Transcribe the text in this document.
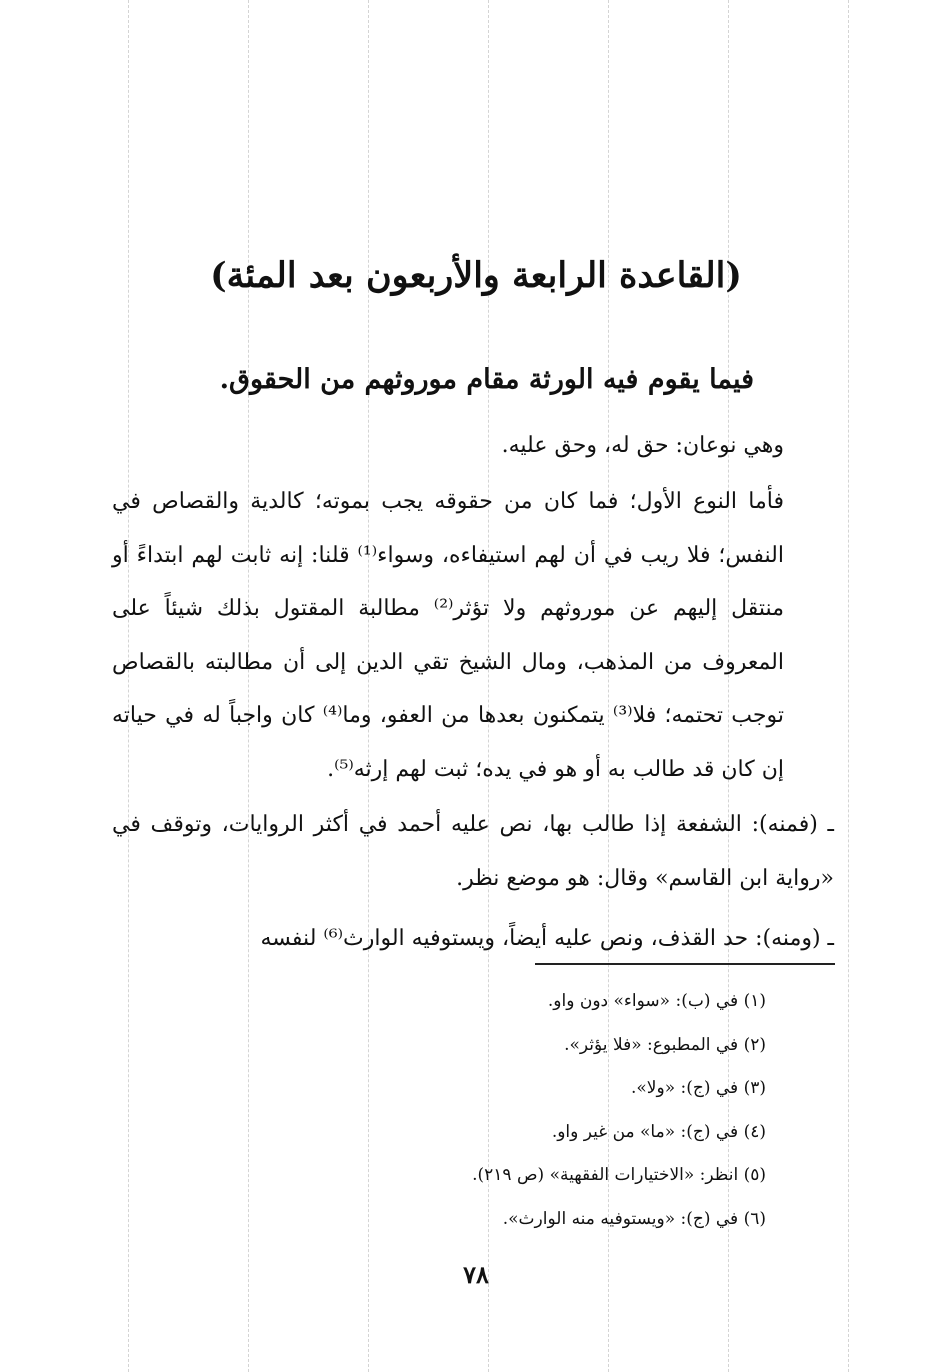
(القاعدة الرابعة والأربعون بعد المئة)
فيما يقوم فيه الورثة مقام موروثهم من الحقوق.

وهي نوعان: حق له، وحق عليه.

فأما النوع الأول؛ فما كان من حقوقه يجب بموته؛ كالدية والقصاص في النفس؛ فلا ريب في أن لهم استيفاءه، وسواء⁽¹⁾ قلنا: إنه ثابت لهم ابتداءً أو منتقل إليهم عن موروثهم ولا تؤثر⁽²⁾ مطالبة المقتول بذلك شيئاً على المعروف من المذهب، ومال الشيخ تقي الدين إلى أن مطالبته بالقصاص توجب تحتمه؛ فلا⁽³⁾ يتمكنون بعدها من العفو، وما⁽⁴⁾ كان واجباً له في حياته إن كان قد طالب به أو هو في يده؛ ثبت لهم إرثه⁽⁵⁾.

ـ (فمنه): الشفعة إذا طالب بها، نص عليه أحمد في أكثر الروايات، وتوقف في «رواية ابن القاسم» وقال: هو موضع نظر.

ـ (ومنه): حد القذف، ونص عليه أيضاً، ويستوفيه الوارث⁽⁶⁾ لنفسه

(١) في (ب): «سواء» دون واو.
(٢) في المطبوع: «فلا يؤثر».
(٣) في (ج): «ولا».
(٤) في (ج): «ما» من غير واو.
(٥) انظر: «الاختيارات الفقهية» (ص ٢١٩).
(٦) في (ج): «ويستوفيه منه الوارث».
٧٨
